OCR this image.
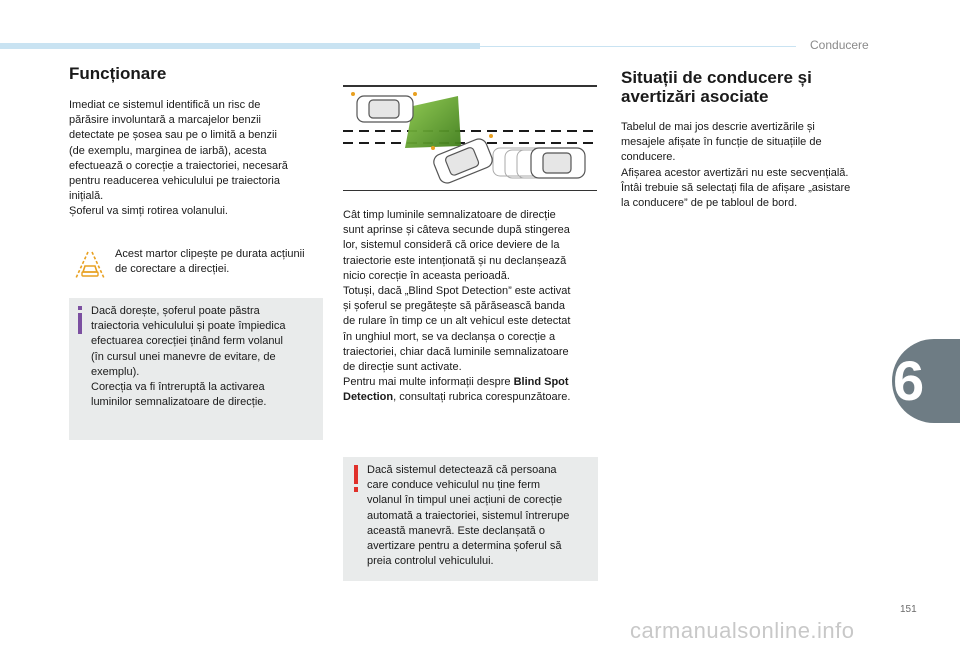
Conducere
6
151
Funcționare

Imediat ce sistemul identifică un risc de
părăsire involuntară a marcajelor benzii
detectate pe șosea sau pe o limită a benzii
(de exemplu, marginea de iarbă), acesta
efectuează o corecție a traiectoriei, necesară
pentru readucerea vehiculului pe traiectoria
inițială.
Șoferul va simți rotirea volanului.

Acest martor clipește pe durata acțiunii
de corectare a direcției.
Dacă dorește, șoferul poate păstra
traiectoria vehiculului și poate împiedica
efectuarea corecției ținând ferm volanul
(în cursul unei manevre de evitare, de
exemplu).
Corecția va fi întreruptă la activarea
luminilor semnalizatoare de direcție.
Cât timp luminile semnalizatoare de direcție
sunt aprinse și câteva secunde după stingerea
lor, sistemul consideră că orice deviere de la
traiectorie este intenționată și nu declanșează
nicio corecție în aceasta perioadă.
Totuși, dacă „Blind Spot Detection” este activat
și șoferul se pregătește să părăsească banda
de rulare în timp ce un alt vehicul este detectat
în unghiul mort, se va declanșa o corecție a
traiectoriei, chiar dacă luminile semnalizatoare
de direcție sunt activate.
Pentru mai multe informații despre Blind Spot
Detection, consultați rubrica corespunzătoare.
Dacă sistemul detectează că persoana
care conduce vehiculul nu ține ferm
volanul în timpul unei acțiuni de corecție
automată a traiectoriei, sistemul întrerupe
această manevră. Este declanșată o
avertizare pentru a determina șoferul să
preia controlul vehiculului.
Situații de conducere și
avertizări asociate

Tabelul de mai jos descrie avertizările și
mesajele afișate în funcție de situațiile de
conducere.
Afișarea acestor avertizări nu este secvențială.
Întâi trebuie să selectați fila de afișare „asistare
la conducere” de pe tabloul de bord.

carmanualsonline.info
